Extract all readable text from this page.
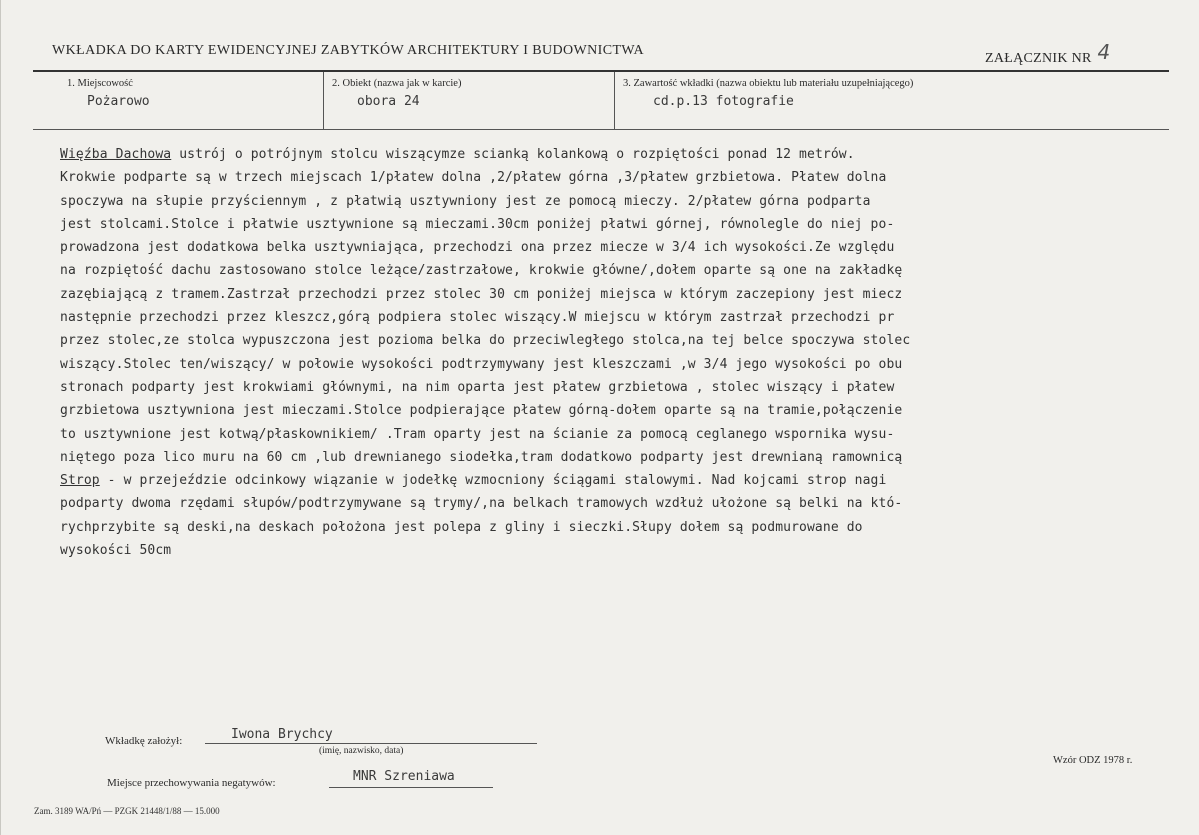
WKŁADKA DO KARTY EWIDENCYJNEJ ZABYTKÓW ARCHITEKTURY I BUDOWNICTWA
ZAŁĄCZNIK NR 4
1. Miejscowość
Pożarowo
2. Obiekt (nazwa jak w karcie)
obora 24
3. Zawartość wkładki (nazwa obiektu lub materiału uzupełniającego)
cd.p.13 fotografie
Więźba Dachowa ustrój o potrójnym stolcu wiszącymze scianką kolankową o rozpiętości ponad 12 metrów.
Krokwie podparte są w trzech miejscach 1/płatew dolna ,2/płatew górna ,3/płatew grzbietowa. Płatew dolna
spoczywa na słupie przyściennym , z płatwią usztywniony jest ze pomocą mieczy. 2/płatew górna podparta
jest stolcami.Stolce i płatwie usztywnione są mieczami.30cm poniżej płatwi górnej, równolegle do niej po-
prowadzona jest dodatkowa belka usztywniająca, przechodzi ona przez miecze w 3/4 ich wysokości.Ze względu
na rozpiętość dachu zastosowano stolce leżące/zastrzałowe, krokwie główne/,dołem oparte są one na zakładkę
zazębiającą z tramem.Zastrzał przechodzi przez stolec 30 cm poniżej miejsca w którym zaczepiony jest miecz
następnie przechodzi przez kleszcz,górą podpiera stolec wiszący.W miejscu w którym zastrzał przechodzi pr
przez stolec,ze stolca wypuszczona jest pozioma belka do przeciwległego stolca,na tej belce spoczywa stolec
wiszący.Stolec ten/wiszący/ w połowie wysokości podtrzymywany jest kleszczami ,w 3/4 jego wysokości po obu
stronach podparty jest krokwiami głównymi, na nim oparta jest płatew grzbietowa , stolec wiszący i płatew
grzbietowa usztywniona jest mieczami.Stolce podpierające płatew górną-dołem oparte są na tramie,połączenie
to usztywnione jest kotwą/płaskownikiem/ .Tram oparty jest na ścianie za pomocą ceglanego wspornika wysu-
niętego poza lico muru na 60 cm ,lub drewnianego siodełka,tram dodatkowo podparty jest drewnianą ramownicą
Strop - w przejeździe odcinkowy wiązanie w jodełkę wzmocniony ściągami stalowymi. Nad kojcami strop nagi
podparty dwoma rzędami słupów/podtrzymywane są trymy/,na belkach tramowych wzdłuż ułożone są belki na któ-
rychprzybite są deski,na deskach położona jest polepa z gliny i sieczki.Słupy dołem są podmurowane do
wysokości 50cm
Wkładkę założył:	Iwona Brychcy
(imię, nazwisko, data)
Miejsce przechowywania negatywów:	MNR Szreniawa
Wzór ODZ 1978 r.
Zam. 3189 WA/Pń — PZGK 21448/1/88 — 15.000
